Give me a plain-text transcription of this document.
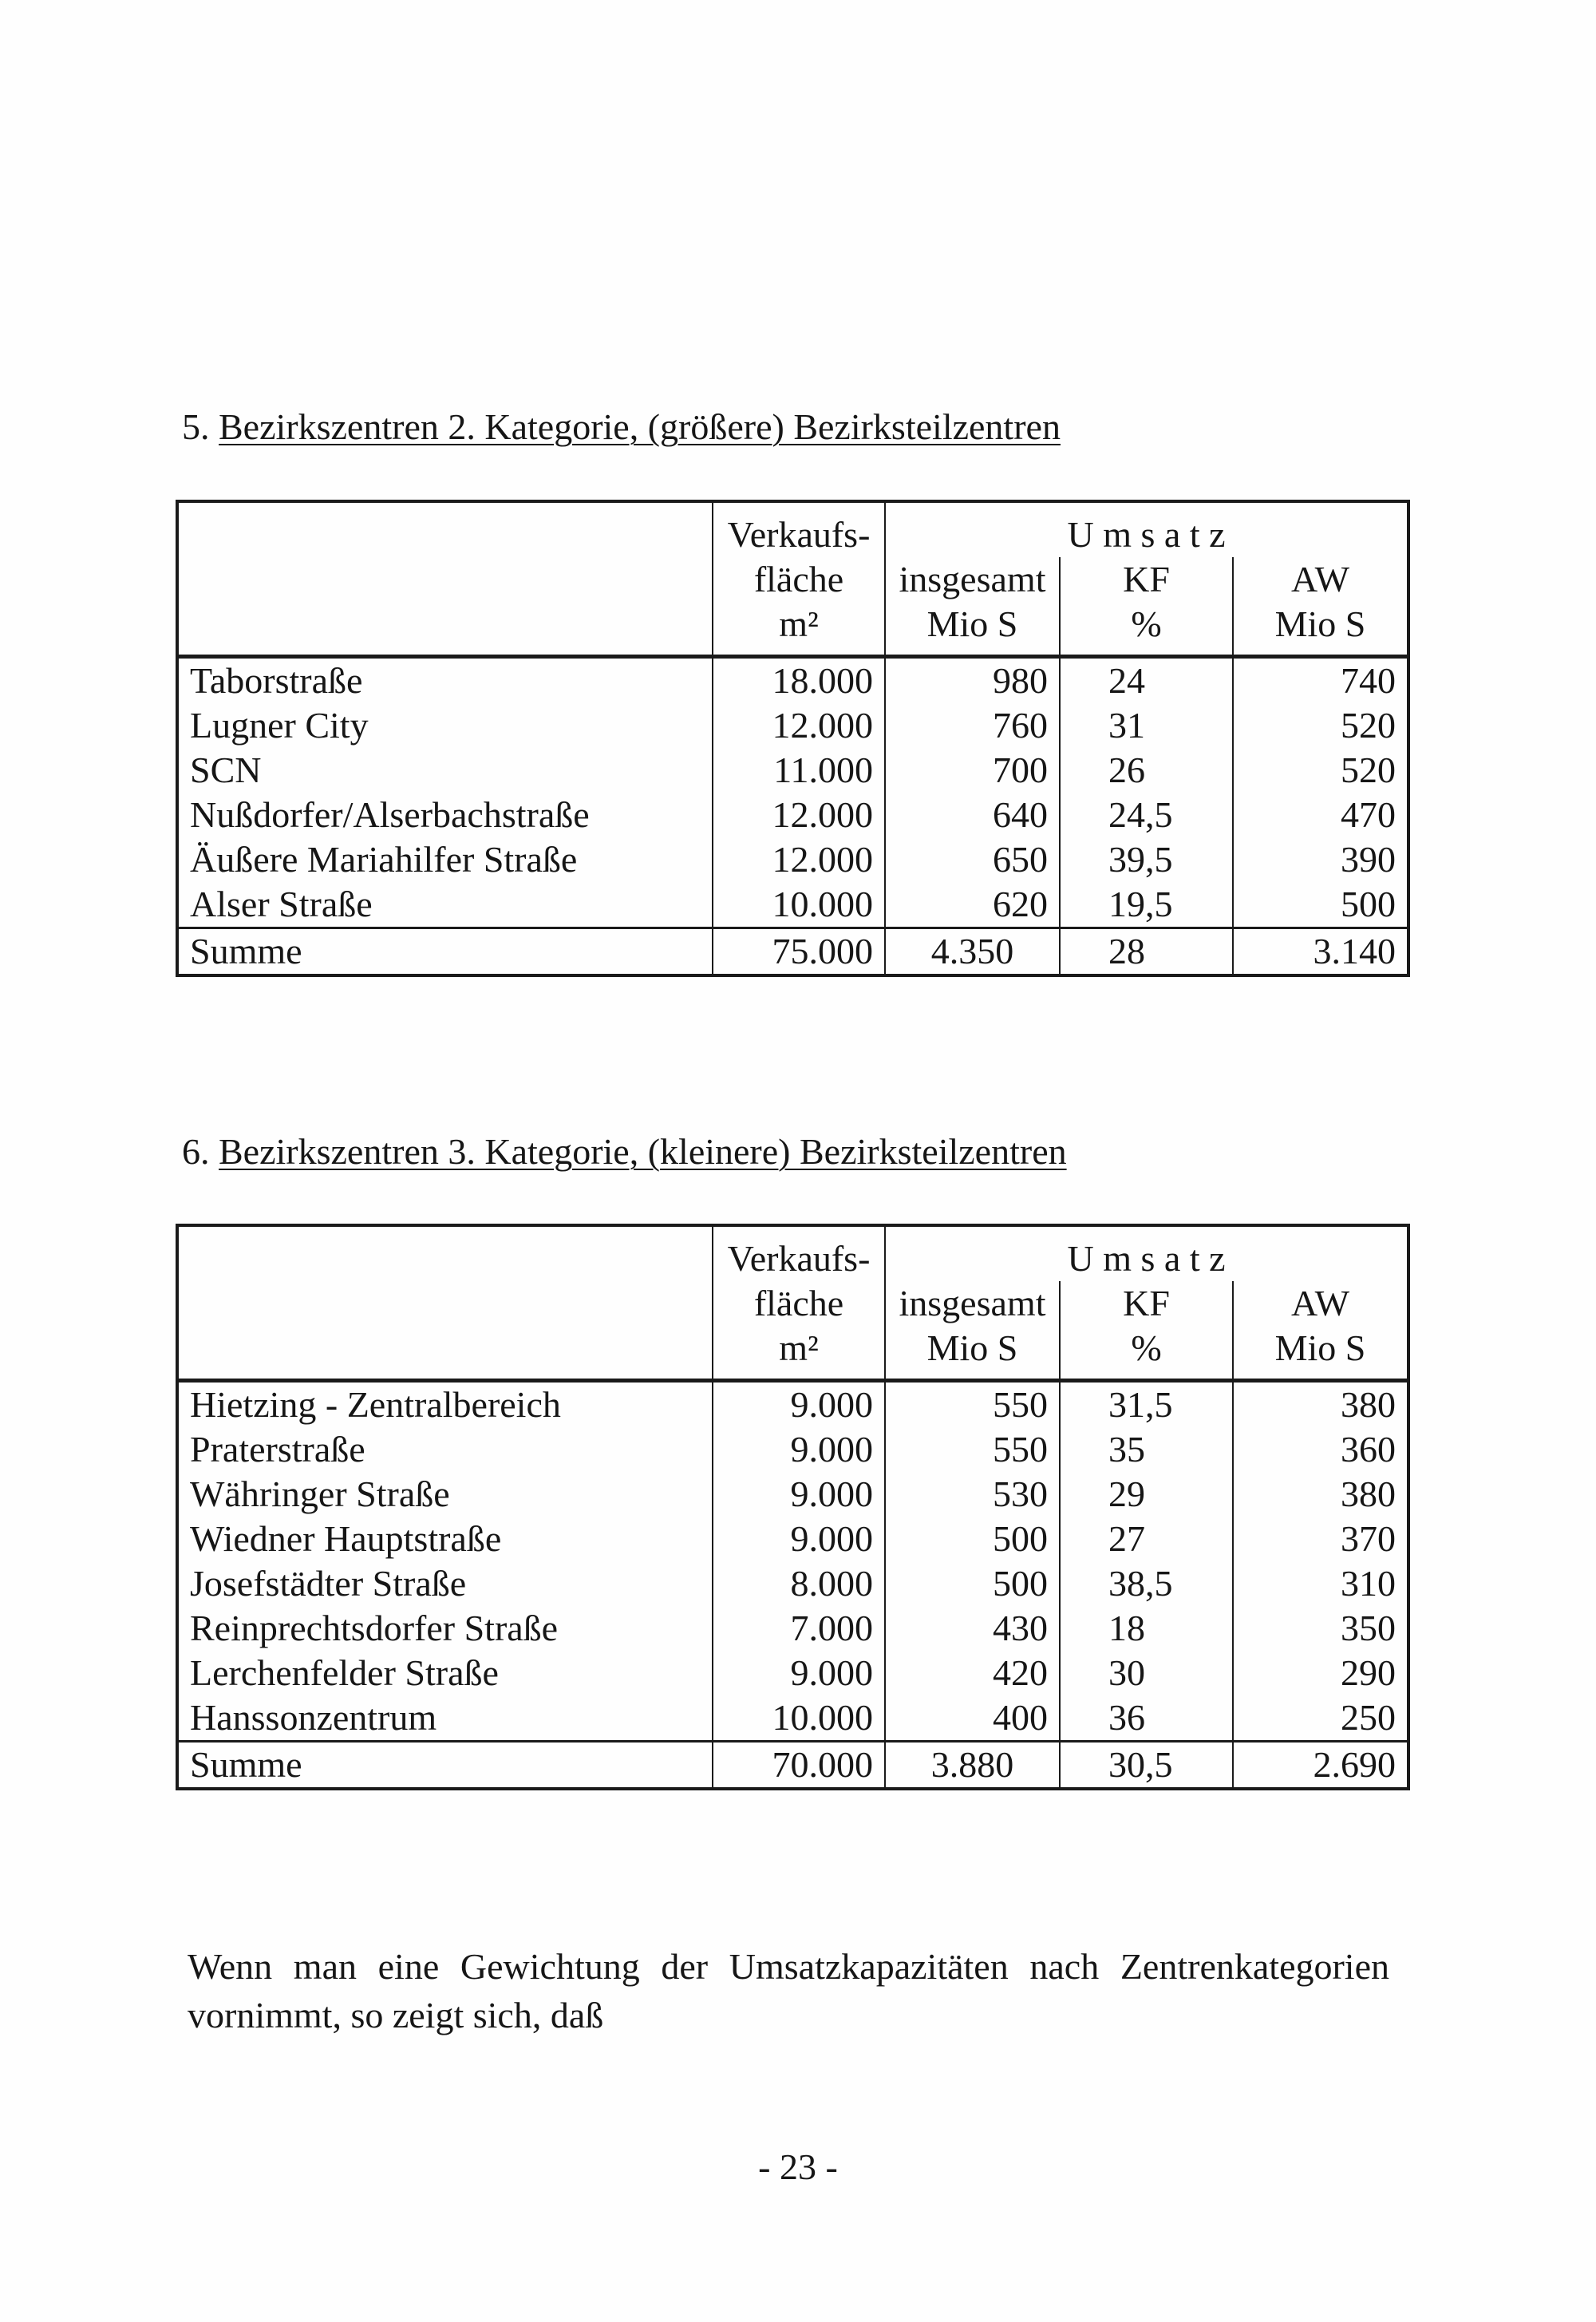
5. Bezirkszentren 2. Kategorie, (größere) Bezirksteilzentren
	Verkaufs-	U m s a t z		
	fläche	insgesamt	KF	AW
	m²	Mio S	%	Mio S
Taborstraße	18.000	980	24	740
Lugner City	12.000	760	31	520
SCN	11.000	700	26	520
Nußdorfer/Alserbachstraße	12.000	640	24,5	470
Äußere Mariahilfer Straße	12.000	650	39,5	390
Alser Straße	10.000	620	19,5	500
Summe	75.000	4.350	28	3.140
6. Bezirkszentren 3. Kategorie, (kleinere) Bezirksteilzentren
	Verkaufs-	U m s a t z		
	fläche	insgesamt	KF	AW
	m²	Mio S	%	Mio S
Hietzing - Zentralbereich	9.000	550	31,5	380
Praterstraße	9.000	550	35	360
Währinger Straße	9.000	530	29	380
Wiedner Hauptstraße	9.000	500	27	370
Josefstädter Straße	8.000	500	38,5	310
Reinprechtsdorfer Straße	7.000	430	18	350
Lerchenfelder Straße	9.000	420	30	290
Hanssonzentrum	10.000	400	36	250
Summe	70.000	3.880	30,5	2.690
Wenn man eine Gewichtung der Umsatzkapazitäten nach Zentrenkategorien vornimmt, so zeigt sich, daß
- 23 -
